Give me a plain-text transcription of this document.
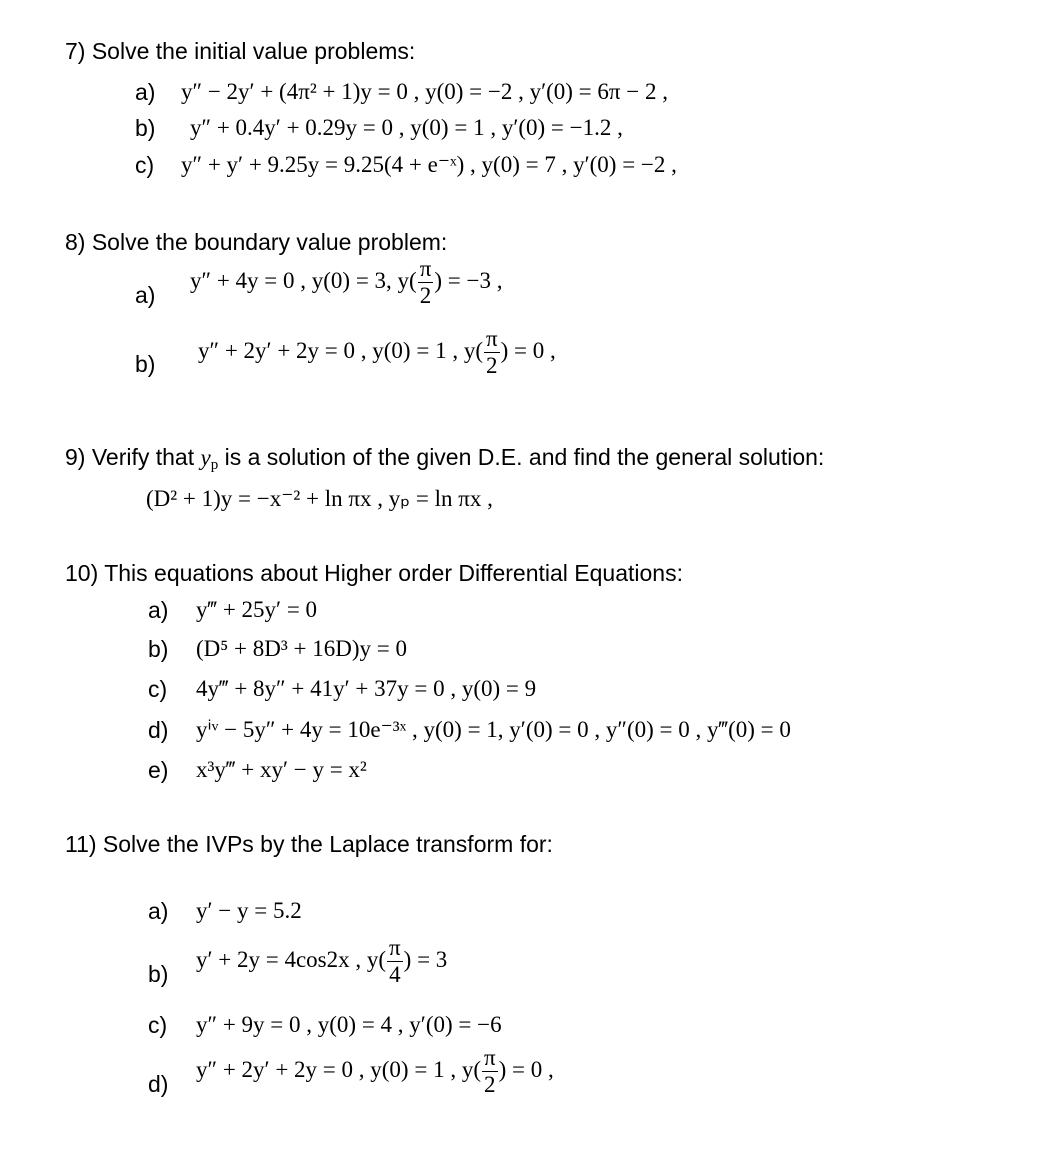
7) Solve the initial value problems:
a) y″ − 2y′ + (4π² + 1)y = 0 , y(0) = −2 , y′(0) = 6π − 2 ,
b) y″ + 0.4y′ + 0.29y = 0 , y(0) = 1 , y′(0) = −1.2 ,
c) y″ + y′ + 9.25y = 9.25(4 + e⁻ˣ) , y(0) = 7 , y′(0) = −2 ,
8) Solve the boundary value problem:
a)
y″ + 4y = 0 , y(0) = 3, $y( \frac{\pi}{2}$ ) = −3 ,
b)
y″ + 2y′ + 2y = 0 , y(0) = 1 , $y( \frac{\pi}{2}$ ) = 0 ,
9) Verify that $y_p$ is a solution of the given D.E. and find the general solution:
(D² + 1)y = −x⁻² + ln πx , yₚ = ln πx ,
10) This equations about Higher order Differential Equations:
a) y‴ + 25y′ = 0
b) (D⁵ + 8D³ + 16D)y = 0
c) 4y‴ + 8y″ + 41y′ + 37y = 0 , y(0) = 9
d) yⁱᵛ − 5y″ + 4y = 10e⁻³ˣ , y(0) = 1, y′(0) = 0 , y″(0) = 0 , y‴(0) = 0
e) x³y‴ + xy′ − y = x²
11) Solve the IVPs by the Laplace transform for:
a) y′ − y = 5.2
b)
y′ + 2y = 4cos2x , $y( \frac{\pi}{4}$ ) = 3
c) y″ + 9y = 0 , y(0) = 4 , y′(0) = −6
d)
y″ + 2y′ + 2y = 0 , y(0) = 1 , $y( \frac{\pi}{2}$ ) = 0 ,
